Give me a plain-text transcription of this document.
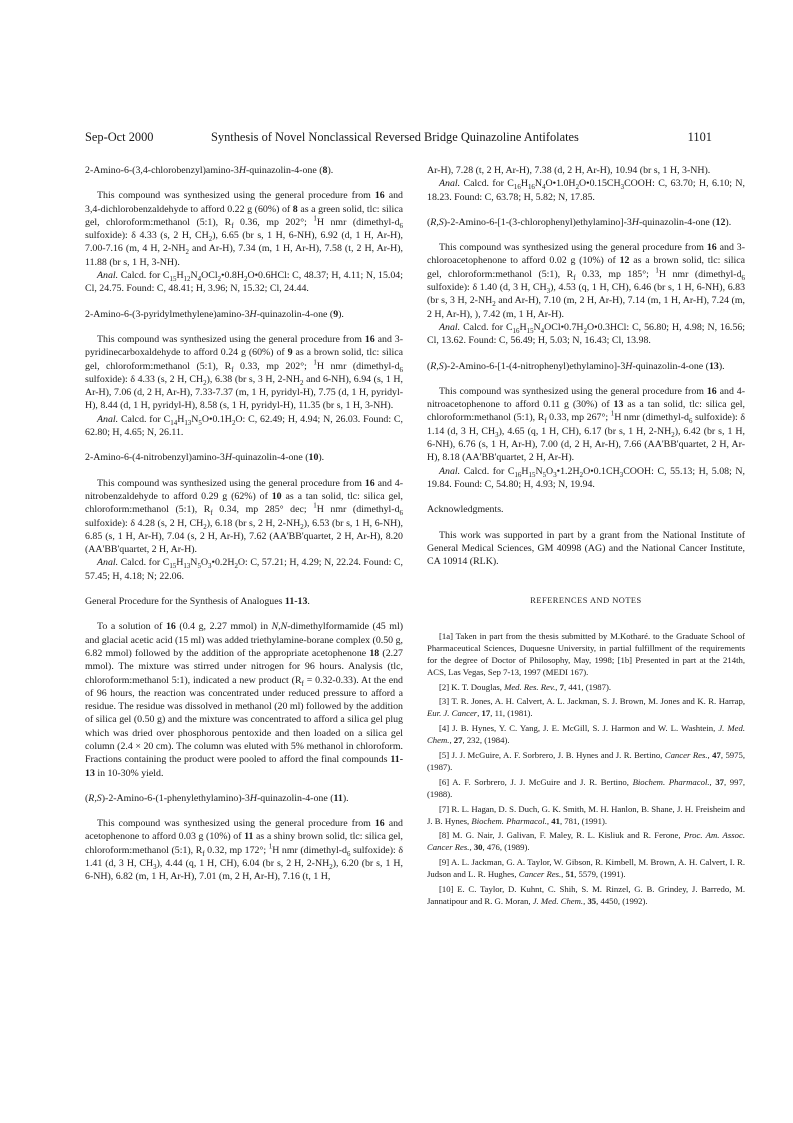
Sep-Oct 2000	Synthesis of Novel Nonclassical Reversed Bridge Quinazoline Antifolates	1101

2-Amino-6-(3,4-chlorobenzyl)amino-3H-quinazolin-4-one (8).

This compound was synthesized using the general procedure from 16 and 3,4-dichlorobenzaldehyde to afford 0.22 g (60%) of 8 as a green solid, tlc: silica gel, chloroform:methanol (5:1), $R_f$ 0.36, mp 202°; $^1$H nmr ($dimethyl-d_6$ sulfoxide): δ 4.33 (s, 2 H, $CH_2$), 6.65 (br s, 1 H, 6-NH), 6.92 (d, 1 H, Ar-H), 7.00-7.16 (m, 4 H, $2-NH_2$ and Ar-H), 7.34 (m, 1 H, Ar-H), 7.58 (t, 2 H, Ar-H), 11.88 (br s, 1 H, 3-NH).

Anal. Calcd. for $C_{15}H_{12}N_4OCl_2•0.8H_2O•0.6HCl$: C, 48.37; H, 4.11; N, 15.04; Cl, 24.75. Found: C, 48.41; H, 3.96; N, 15.32; Cl, 24.44.

2-Amino-6-(3-pyridylmethylene)amino-3H-quinazolin-4-one (9).

This compound was synthesized using the general procedure from 16 and 3-pyridinecarboxaldehyde to afford 0.24 g (60%) of 9 as a brown solid, tlc: silica gel, chloroform:methanol (5:1), $R_f$ 0.33, mp 202°; $^1$H nmr ($dimethyl-d_6$ sulfoxide): δ 4.33 (s, 2 H, $CH_2$), 6.38 (br s, 3 H, $2-NH_2$ and 6-NH), 6.94 (s, 1 H, Ar-H), 7.06 (d, 2 H, Ar-H), 7.33-7.37 (m, 1 H, pyridyl-H), 7.75 (d, 1 H, pyridyl-H), 8.44 (d, 1 H, pyridyl-H), 8.58 (s, 1 H, pyridyl-H), 11.35 (br s, 1 H, 3-NH).

Anal. Calcd. for $C_{14}H_{13}N_5O•0.1H_2O$: C, 62.49; H, 4.94; N, 26.03. Found: C, 62.80; H, 4.65; N, 26.11.

2-Amino-6-(4-nitrobenzyl)amino-3H-quinazolin-4-one (10).

This compound was synthesized using the general procedure from 16 and 4-nitrobenzaldehyde to afford 0.29 g (62%) of 10 as a tan solid, tlc: silica gel, chloroform:methanol (5:1), $R_f$ 0.34, mp 285° dec; $^1$H nmr ($dimethyl-d_6$ sulfoxide): δ 4.28 (s, 2 H, $CH_2$), 6.18 (br s, 2 H, $2-NH_2$), 6.53 (br s, 1 H, 6-NH), 6.85 (s, 1 H, Ar-H), 7.04 (s, 2 H, Ar-H), 7.62 (AA'BB'quartet, 2 H, Ar-H), 8.20 (AA'BB'quartet, 2 H, Ar-H).

Anal. Calcd. for $C_{15}H_{13}N_5O_3•0.2H_2O$: C, 57.21; H, 4.29; N, 22.24. Found: C, 57.45; H, 4.18; N; 22.06.

General Procedure for the Synthesis of Analogues 11-13.

To a solution of 16 (0.4 g, 2.27 mmol) in N,N-dimethylformamide (45 ml) and glacial acetic acid (15 ml) was added triethylamine-borane complex (0.50 g, 6.82 mmol) followed by the addition of the appropriate acetophenone 18 (2.27 mmol). The mixture was stirred under nitrogen for 96 hours. Analysis (tlc, chloroform:methanol 5:1), indicated a new product $(R_f = 0.32-0.33)$. At the end of 96 hours, the reaction was concentrated under reduced pressure to afford a residue. The residue was dissolved in methanol (20 ml) followed by the addition of silica gel (0.50 g) and the mixture was concentrated to afford a silica gel plug which was dried over phosphorous pentoxide and then loaded on a silica gel column (2.4 × 20 cm). The column was eluted with 5% methanol in chloroform. Fractions containing the product were pooled to afford the final compounds 11-13 in 10-30% yield.

(R,S)-2-Amino-6-(1-phenylethylamino)-3H-quinazolin-4-one (11).

This compound was synthesized using the general procedure from 16 and acetophenone to afford 0.03 g (10%) of 11 as a shiny brown solid, tlc: silica gel, chloroform:methanol (5:1), $R_f$ 0.32, mp 172°; $^1$H nmr ($dimethyl-d_6$ sulfoxide): δ 1.41 (d, 3 H, $CH_3$), 4.44 (q, 1 H, CH), 6.04 (br s, 2 H, $2-NH_2$), 6.20 (br s, 1 H, 6-NH), 6.82 (m, 1 H, Ar-H), 7.01 (m, 2 H, Ar-H), 7.16 (t, 1 H,

Ar-H), 7.28 (t, 2 H, Ar-H), 7.38 (d, 2 H, Ar-H), 10.94 (br s, 1 H, 3-NH).

Anal. Calcd. for $C_{16}H_{16}N_4O•1.0H_2O•0.15CH_3COOH$: C, 63.70; H, 6.10; N, 18.23. Found: C, 63.78; H, 5.82; N, 17.85.

(R,S)-2-Amino-6-[1-(3-chlorophenyl)ethylamino]-3H-quinazolin-4-one (12).

This compound was synthesized using the general procedure from 16 and 3-chloroacetophenone to afford 0.02 g (10%) of 12 as a brown solid, tlc: silica gel, chloroform:methanol (5:1), $R_f$ 0.33, mp 185°; $^1$H nmr ($dimethyl-d_6$ sulfoxide): δ 1.40 (d, 3 H, $CH_3$), 4.53 (q, 1 H, CH), 6.46 (br s, 1 H, 6-NH), 6.83 (br s, 3 H, $2-NH_2$ and Ar-H), 7.10 (m, 2 H, Ar-H), 7.14 (m, 1 H, Ar-H), 7.24 (m, 2 H, Ar-H), ), 7.42 (m, 1 H, Ar-H).

Anal. Calcd. for $C_{16}H_{15}N_4OCl•0.7H_2O•0.3HCl$: C, 56.80; H, 4.98; N, 16.56; Cl, 13.62. Found: C, 56.49; H, 5.03; N, 16.43; Cl, 13.98.

(R,S)-2-Amino-6-[1-(4-nitrophenyl)ethylamino]-3H-quinazolin-4-one (13).

This compound was synthesized using the general procedure from 16 and 4-nitroacetophenone to afford 0.11 g (30%) of 13 as a tan solid, tlc: silica gel, chloroform:methanol (5:1), $R_f$ 0.33, mp 267°; $^1$H nmr ($dimethyl-d_6$ sulfoxide): δ 1.14 (d, 3 H, $CH_3$), 4.65 (q, 1 H, CH), 6.17 (br s, 1 H, $2-NH_2$), 6.42 (br s, 1 H, 6-NH), 6.76 (s, 1 H, Ar-H), 7.00 (d, 2 H, Ar-H), 7.66 (AA'BB'quartet, 2 H, Ar-H), 8.18 (AA'BB'quartet, 2 H, Ar-H).

Anal. Calcd. for $C_{16}H_{15}N_5O_3•1.2H_2O•0.1CH_3COOH$: C, 55.13; H, 5.08; N, 19.84. Found: C, 54.80; H, 4.93; N, 19.94.

Acknowledgments.

This work was supported in part by a grant from the National Institute of General Medical Sciences, GM 40998 (AG) and the National Cancer Institute, CA 10914 (RLK).

REFERENCES AND NOTES

[1a] Taken in part from the thesis submitted by M.Kotharé. to the Graduate School of Pharmaceutical Sciences, Duquesne University, in partial fulfillment of the requirements for the degree of Doctor of Philosophy, May, 1998; [1b] Presented in part at the 214th, ACS, Las Vegas, Sep 7-13, 1997 (MEDI 167).

[2] K. T. Douglas, Med. Res. Rev., 7, 441, (1987).

[3] T. R. Jones, A. H. Calvert, A. L. Jackman, S. J. Brown, M. Jones and K. R. Harrap, Eur. J. Cancer, 17, 11, (1981).

[4] J. B. Hynes, Y. C. Yang, J. E. McGill, S. J. Harmon and W. L. Washtein, J. Med. Chem., 27, 232, (1984).

[5] J. J. McGuire, A. F. Sorbrero, J. B. Hynes and J. R. Bertino, Cancer Res., 47, 5975, (1987).

[6] A. F. Sorbrero, J. J. McGuire and J. R. Bertino, Biochem. Pharmacol., 37, 997, (1988).

[7] R. L. Hagan, D. S. Duch, G. K. Smith, M. H. Hanlon, B. Shane, J. H. Freisheim and J. B. Hynes, Biochem. Pharmacol., 41, 781, (1991).

[8] M. G. Nair, J. Galivan, F. Maley, R. L. Kisliuk and R. Ferone, Proc. Am. Assoc. Cancer Res., 30, 476, (1989).

[9] A. L. Jackman, G. A. Taylor, W. Gibson, R. Kimbell, M. Brown, A. H. Calvert, I. R. Judson and L. R. Hughes, Cancer Res., 51, 5579, (1991).

[10] E. C. Taylor, D. Kuhnt, C. Shih, S. M. Rinzel, G. B. Grindey, J. Barredo, M. Jannatipour and R. G. Moran, J. Med. Chem., 35, 4450, (1992).
